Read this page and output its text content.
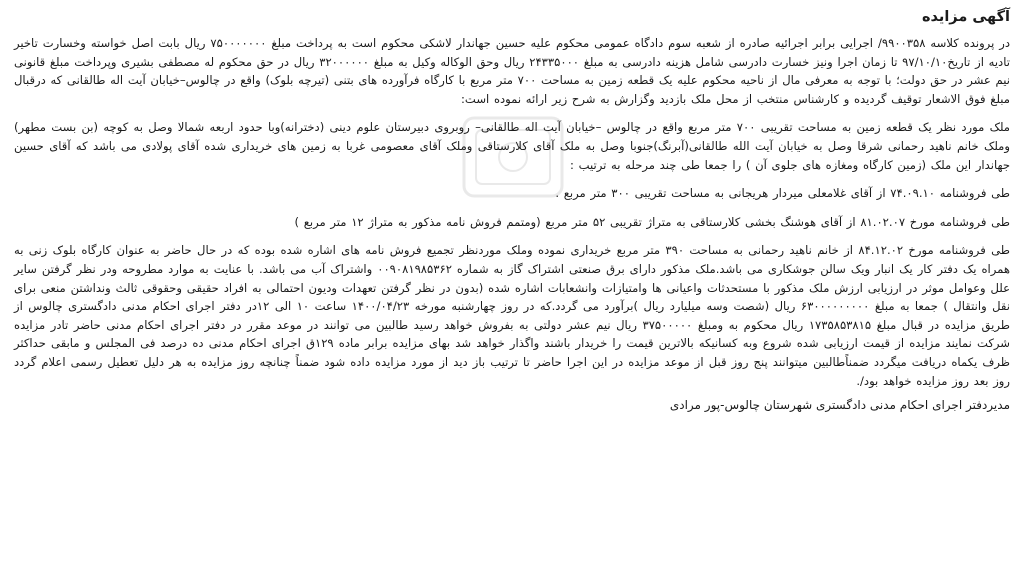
آگهی مزایده

در پرونده کلاسه ۹۹۰۰۳۵۸/ اجرایی برابر اجرائیه صادره از شعبه سوم دادگاه عمومی محکوم علیه حسین جهاندار لاشکی محکوم است به پرداخت مبلغ ۷۵۰۰۰۰۰۰۰ ریال بابت اصل خواسته وخسارت تاخیر تادیه از تاریخ۹۷/۱۰/۱۰ تا زمان اجرا ونیز خسارت دادرسی شامل هزینه دادرسی به مبلغ ۲۴۳۳۵۰۰۰ ریال وحق الوکاله وکیل به مبلغ ۳۲۰۰۰۰۰۰ ریال در حق محکوم له مصطفی بشیری وپرداخت مبلغ قانونی نیم عشر در حق دولت؛ با توجه به معرفی مال از ناحیه محکوم علیه یک قطعه زمین به مساحت ۷۰۰ متر مربع با کارگاه فرآورده های بتنی (تیرچه بلوک) واقع در چالوس–خیابان آیت اله طالقانی که درقبال مبلغ فوق الاشعار توقیف گردیده و کارشناس منتخب از محل ملک بازدید وگزارش به شرح زیر ارائه نموده است:

ملک مورد نظر یک قطعه زمین به مساحت تقریبی ۷۰۰ متر مربع واقع در چالوس –خیابان آیت اله طالقانی– روبروی دبیرستان علوم دینی (دخترانه)وبا حدود اربعه شمالا وصل به کوچه (بن بست مطهر) وملک خانم ناهید رحمانی شرقا وصل به خیابان آیت الله طالقانی(آبرنگ)جنوبا وصل به ملک آقای کلارستاقی وملک آقای معصومی غربا به زمین های خریداری شده آقای پولادی می باشد که آقای حسین جهاندار این ملک (زمین کارگاه ومغازه های جلوی آن ) را جمعا طی چند مرحله به ترتیب :

طی فروشنامه ۷۴.۰۹.۱۰ از آقای غلامعلی میردار هریجانی به مساحت تقریبی ۳۰۰ متر مربع .

طی فروشنامه مورخ ۸۱.۰۲.۰۷ از آقای هوشنگ بخشی کلارستاقی به متراژ تقریبی ۵۲ متر مربع (ومتمم فروش نامه مذکور به متراژ ۱۲ متر مربع )

طی فروشنامه مورخ ۸۴.۱۲.۰۲ از خانم ناهید رحمانی به مساحت ۳۹۰ متر مربع خریداری نموده وملک موردنظر تجمیع فروش نامه های اشاره شده بوده که در حال حاضر به عنوان کارگاه بلوک زنی به همراه یک دفتر کار یک انبار ویک سالن جوشکاری می باشد.ملک مذکور دارای برق صنعتی اشتراک گاز به شماره ۰۰۹۰۸۱۹۸۵۳۶۲ واشتراک آب می باشد. با عنایت به موارد مطروحه ودر نظر گرفتن سایر علل وعوامل موثر در ارزیابی ارزش ملک مذکور با مستحدثات واعیانی ها وامتیازات وانشعابات اشاره شده (بدون در نظر گرفتن تعهدات ودیون احتمالی به افراد حقیقی وحقوقی ثالث ونداشتن منعی برای نقل وانتقال ) جمعا به مبلغ ۶۳۰۰۰۰۰۰۰۰۰ ریال (شصت وسه میلیارد ریال )برآورد می گردد.که در روز چهارشنبه مورخه ۱۴۰۰/۰۴/۲۳ ساعت ۱۰ الی ۱۲در دفتر اجرای احکام مدنی دادگستری چالوس از طریق مزایده در قبال مبلغ ۱۷۳۵۸۵۳۸۱۵ ریال محکوم به ومبلغ ۳۷۵۰۰۰۰۰ ریال نیم عشر دولتی به بفروش خواهد رسید طالبین می توانند در موعد مقرر در دفتر اجرای احکام مدنی حاضر تادر مزایده شرکت نمایند مزایده از قیمت ارزیابی شده شروع وبه کسانیکه بالاترین قیمت را خریدار باشند واگذار خواهد شد بهای مزایده برابر ماده ۱۲۹ق اجرای احکام مدنی ده درصد فی المجلس و مابقی حداکثر ظرف یکماه دریافت میگردد ضمناًطالبین میتوانند پنج روز قبل از موعد مزایده در این اجرا حاضر تا ترتیب باز دید از مورد مزایده داده شود ضمناً چنانچه روز مزایده به هر دلیل تعطیل رسمی اعلام گردد روز بعد روز مزایده خواهد بود/.

مدیردفتر اجرای احکام مدنی دادگستری شهرستان چالوس-پور مرادی
